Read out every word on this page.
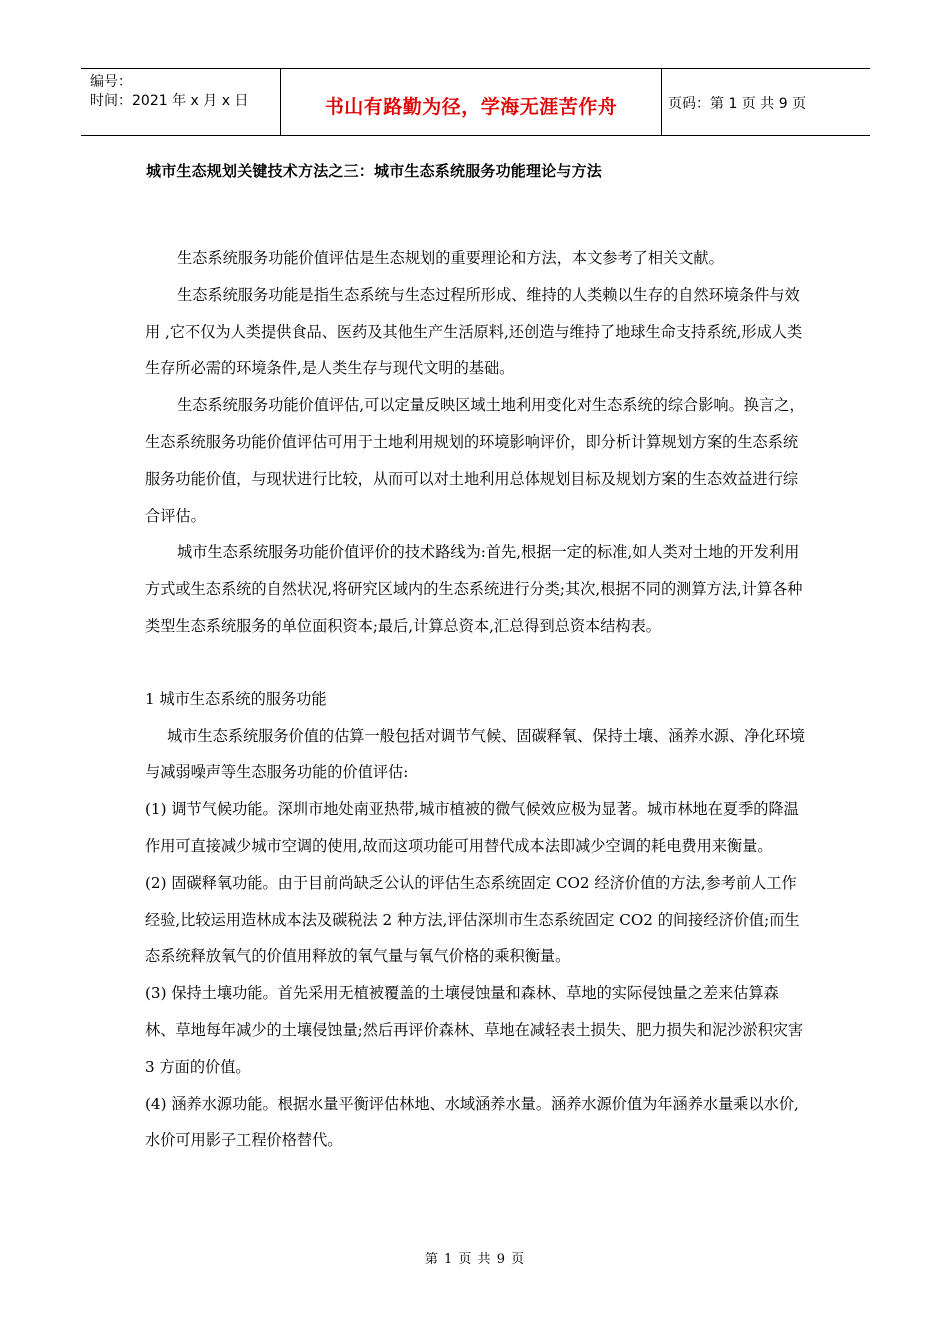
编号：
时间：2021 年 x 月 x 日	书山有路勤为径，学海无涯苦作舟	页码：第 1 页 共 9 页
城市生态规划关键技术方法之三：城市生态系统服务功能理论与方法

生态系统服务功能价值评估是生态规划的重要理论和方法，本文参考了相关文献。

生态系统服务功能是指生态系统与生态过程所形成、维持的人类赖以生存的自然环境条件与效用 ,它不仅为人类提供食品、医药及其他生产生活原料,还创造与维持了地球生命支持系统,形成人类生存所必需的环境条件,是人类生存与现代文明的基础。

生态系统服务功能价值评估,可以定量反映区域土地利用变化对生态系统的综合影响。换言之，生态系统服务功能价值评估可用于土地利用规划的环境影响评价，即分析计算规划方案的生态系统服务功能价值，与现状进行比较，从而可以对土地利用总体规划目标及规划方案的生态效益进行综合评估。

城市生态系统服务功能价值评价的技术路线为:首先,根据一定的标准,如人类对土地的开发利用方式或生态系统的自然状况,将研究区域内的生态系统进行分类;其次,根据不同的测算方法,计算各种类型生态系统服务的单位面积资本;最后,计算总资本,汇总得到总资本结构表。

1 城市生态系统的服务功能

城市生态系统服务价值的估算一般包括对调节气候、固碳释氧、保持土壤、涵养水源、净化环境与减弱噪声等生态服务功能的价值评估:

(1) 调节气候功能。深圳市地处南亚热带,城市植被的微气候效应极为显著。城市林地在夏季的降温作用可直接减少城市空调的使用,故而这项功能可用替代成本法即减少空调的耗电费用来衡量。

(2) 固碳释氧功能。由于目前尚缺乏公认的评估生态系统固定 CO2 经济价值的方法,参考前人工作经验,比较运用造林成本法及碳税法 2 种方法,评估深圳市生态系统固定 CO2 的间接经济价值;而生态系统释放氧气的价值用释放的氧气量与氧气价格的乘积衡量。

(3) 保持土壤功能。首先采用无植被覆盖的土壤侵蚀量和森林、草地的实际侵蚀量之差来估算森林、草地每年减少的土壤侵蚀量;然后再评价森林、草地在减轻表土损失、肥力损失和泥沙淤积灾害 3 方面的价值。

(4) 涵养水源功能。根据水量平衡评估林地、水域涵养水量。涵养水源价值为年涵养水量乘以水价,水价可用影子工程价格替代。

第 1 页 共 9 页
